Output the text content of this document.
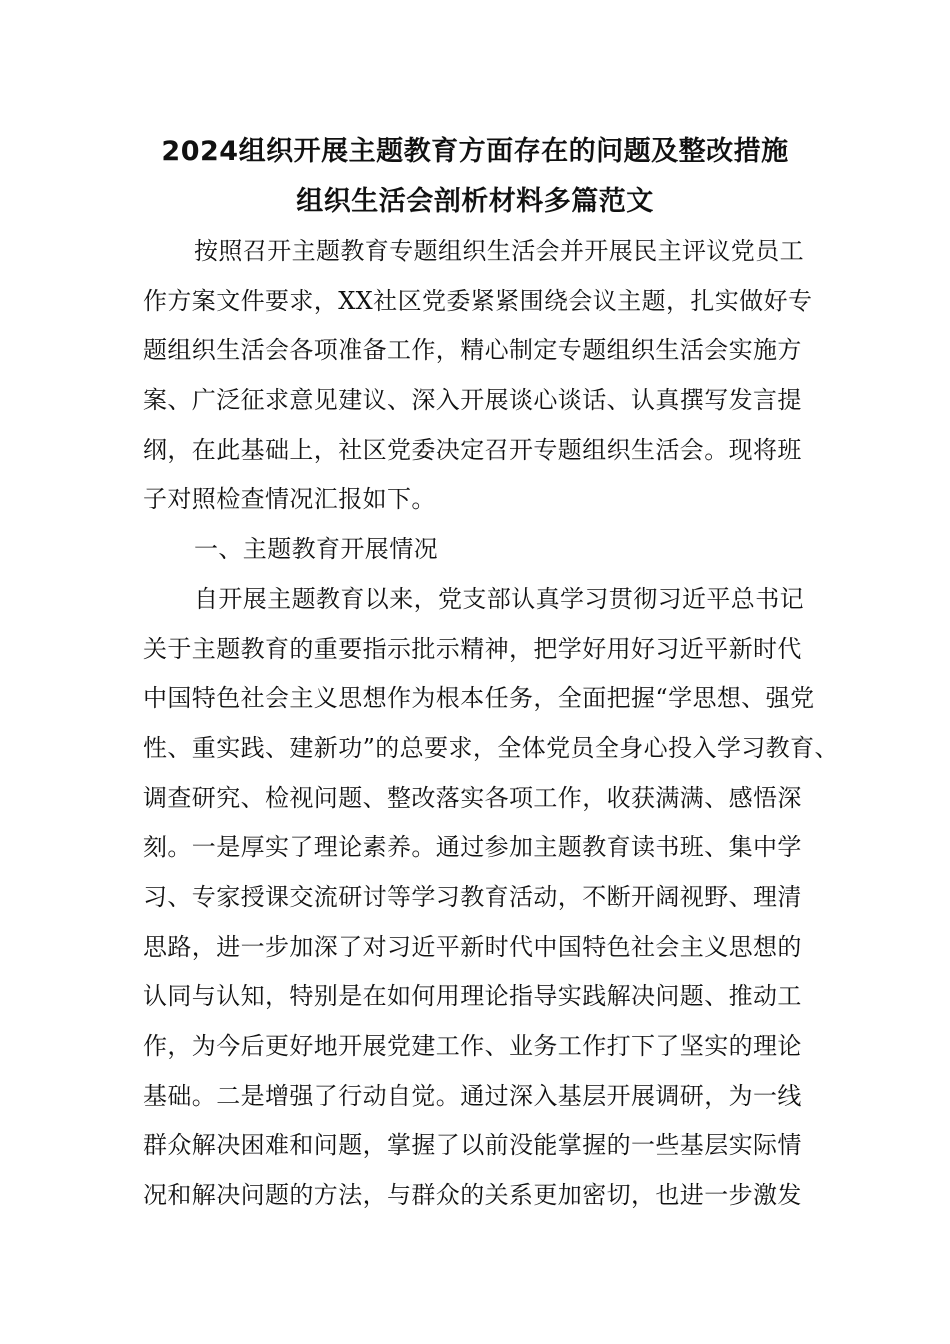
2024组织开展主题教育方面存在的问题及整改措施
组织生活会剖析材料多篇范文
按照召开主题教育专题组织生活会并开展民主评议党员工
作方案文件要求，XX社区党委紧紧围绕会议主题，扎实做好专
题组织生活会各项准备工作，精心制定专题组织生活会实施方
案、广泛征求意见建议、深入开展谈心谈话、认真撰写发言提
纲，在此基础上，社区党委决定召开专题组织生活会。现将班
子对照检查情况汇报如下。
一、主题教育开展情况
自开展主题教育以来，党支部认真学习贯彻习近平总书记
关于主题教育的重要指示批示精神，把学好用好习近平新时代
中国特色社会主义思想作为根本任务，全面把握“学思想、强党
性、重实践、建新功”的总要求，全体党员全身心投入学习教育、
调查研究、检视问题、整改落实各项工作，收获满满、感悟深
刻。一是厚实了理论素养。通过参加主题教育读书班、集中学
习、专家授课交流研讨等学习教育活动，不断开阔视野、理清
思路，进一步加深了对习近平新时代中国特色社会主义思想的
认同与认知，特别是在如何用理论指导实践解决问题、推动工
作，为今后更好地开展党建工作、业务工作打下了坚实的理论
基础。二是增强了行动自觉。通过深入基层开展调研，为一线
群众解决困难和问题，掌握了以前没能掌握的一些基层实际情
况和解决问题的方法，与群众的关系更加密切，也进一步激发
